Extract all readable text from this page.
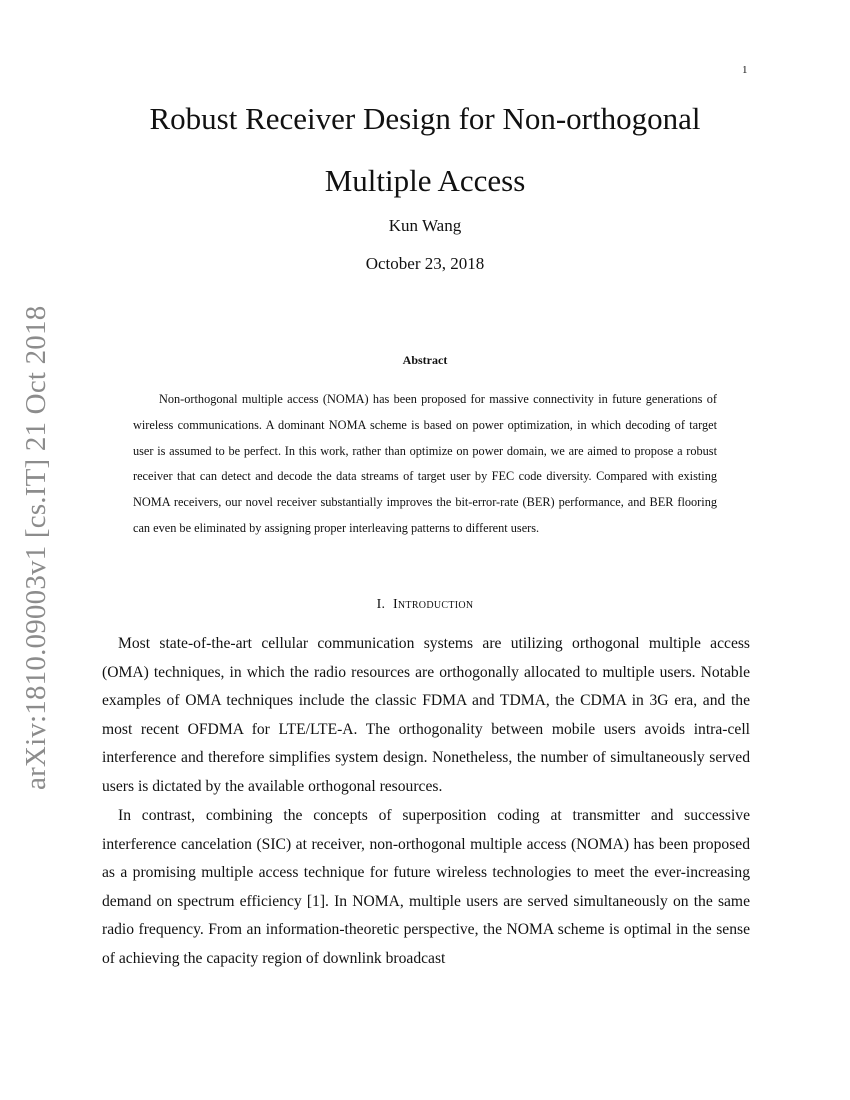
1
arXiv:1810.09003v1 [cs.IT] 21 Oct 2018
Robust Receiver Design for Non-orthogonal
Multiple Access
Kun Wang
October 23, 2018
Abstract

Non-orthogonal multiple access (NOMA) has been proposed for massive connectivity in future generations of wireless communications. A dominant NOMA scheme is based on power optimization, in which decoding of target user is assumed to be perfect. In this work, rather than optimize on power domain, we are aimed to propose a robust receiver that can detect and decode the data streams of target user by FEC code diversity. Compared with existing NOMA receivers, our novel receiver substantially improves the bit-error-rate (BER) performance, and BER flooring can even be eliminated by assigning proper interleaving patterns to different users.

I. Introduction

Most state-of-the-art cellular communication systems are utilizing orthogonal multiple access (OMA) techniques, in which the radio resources are orthogonally allocated to multiple users. Notable examples of OMA techniques include the classic FDMA and TDMA, the CDMA in 3G era, and the most recent OFDMA for LTE/LTE-A. The orthogonality between mobile users avoids intra-cell interference and therefore simplifies system design. Nonetheless, the number of simultaneously served users is dictated by the available orthogonal resources.

In contrast, combining the concepts of superposition coding at transmitter and successive interference cancelation (SIC) at receiver, non-orthogonal multiple access (NOMA) has been proposed as a promising multiple access technique for future wireless technologies to meet the ever-increasing demand on spectrum efficiency [1]. In NOMA, multiple users are served simultaneously on the same radio frequency. From an information-theoretic perspective, the NOMA scheme is optimal in the sense of achieving the capacity region of downlink broadcast
